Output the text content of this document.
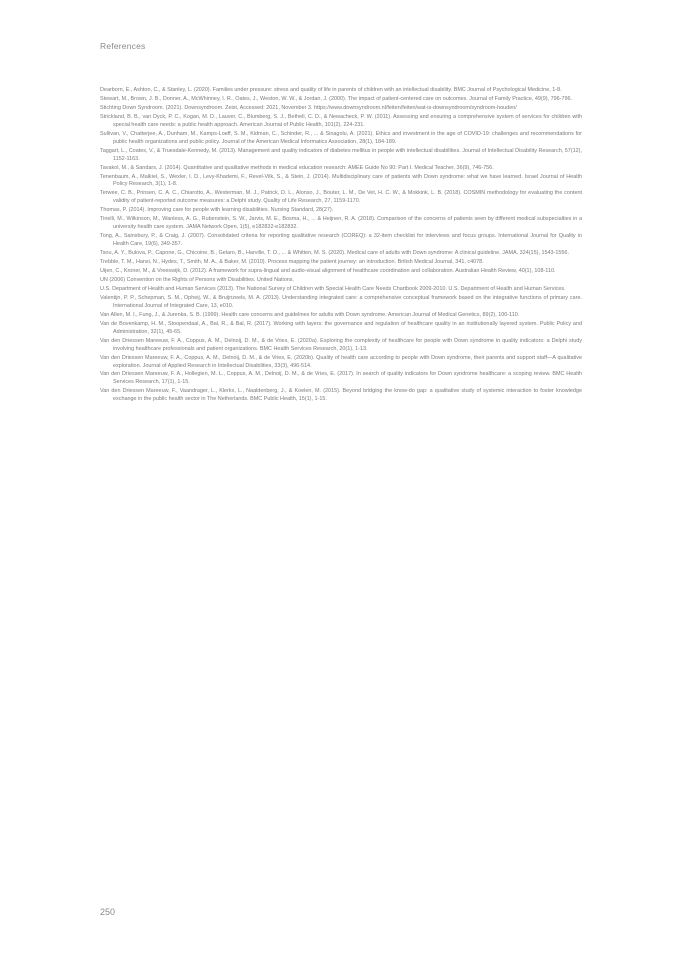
References
Dearborn, E., Ashton, C., & Stanley, L. (2020). Families under pressure: stress and quality of life in parents of children with an intellectual disability. BMC Journal of Psychological Medicine, 1-8.
Stewart, M., Brown, J. B., Donner, A., McWhinney, I. R., Oates, J., Weston, W. W., & Jordan, J. (2000). The impact of patient-centered care on outcomes. Journal of Family Practice, 49(9), 796-796.
Stichting Down Syndroom. (2021). Downsyndroom. Zeist, Accessed: 2021, November 3. https://www.downsyndroom.nl/feiten/feiten/wat-is-downsyndroom/syndroom-houden/
Strickland, B. B., van Dyck, P. C., Kogan, M. D., Lauver, C., Blumberg, S. J., Bethell, C. D., & Newacheck, P. W. (2011). Assessing and ensuring a comprehensive system of services for children with special health care needs: a public health approach. American Journal of Public Health, 101(2), 224-231.
Sullivan, V., Chatterjee, A., Dunham, M., Kamps-Loeff, S. M., Kidman, C., Schinder, R., ... & Sinagolu, A. (2021). Ethics and investment in the age of COVID-19: challenges and recommendations for public health organizations and public policy. Journal of the American Medical Informatics Association, 28(1), 184-189.
Taggart, L., Coates, V., & Truesdale-Kennedy, M. (2013). Management and quality indicators of diabetes mellitus in people with intellectual disabilities. Journal of Intellectual Disability Research, 57(12), 1152-1163.
Tavakol, M., & Sandars, J. (2014). Quantitative and qualitative methods in medical education research: AMEE Guide No 90: Part I. Medical Teacher, 36(9), 746-756.
Tenenbaum, A., Malkiel, S., Wexler, I. D., Levy-Khademi, F., Revel-Vilk, S., & Stein, J. (2014). Multidisciplinary care of patients with Down syndrome: what we have learned. Israel Journal of Health Policy Research, 3(1), 1-8.
Terwee, C. B., Prinsen, C. A. C., Chiarotto, A., Westerman, M. J., Patrick, D. L., Alonso, J., Bouter, L. M., De Vet, H. C. W., & Mokkink, L. B. (2018). COSMIN methodology for evaluating the content validity of patient-reported outcome measures: a Delphi study. Quality of Life Research, 27, 1159-1170.
Thomas, P. (2014). Improving care for people with learning disabilities. Nursing Standard, 28(27).
Tinelli, M., Wilkinson, M., Wanless, A. G., Rubenstein, S. W., Jarvis, M. E., Bosma, H., ... & Heijnen, R. A. (2018). Comparison of the concerns of patients seen by different medical subspecialties in a university health care system. JAMA Network Open, 1(5), e182832-e182832.
Tong, A., Sainsbury, P., & Craig, J. (2007). Consolidated criteria for reporting qualitative research (COREQ): a 32-item checklist for interviews and focus groups. International Journal for Quality in Health Care, 19(6), 349-357.
Tsou, A. Y., Bulova, P., Capone, G., Chicoine, B., Gelaro, B., Harville, T. O., ... & Whitten, M. S. (2020). Medical care of adults with Down syndrome: A clinical guideline. JAMA, 324(15), 1543-1556.
Trebble, T. M., Hansi, N., Hydes, T., Smith, M. A., & Baker, M. (2010). Process mapping the patient journey: an introduction. British Medical Journal, 341, c4078.
Uijen, C., Kroner, M., & Vreeswijk, D. (2012). A framework for supra-lingual and audio-visual alignment of healthcare coordination and collaboration. Australian Health Review, 40(1), 108-110.
UN (2006) Convention on the Rights of Persons with Disabilities. United Nations.
U.S. Department of Health and Human Services (2013). The National Survey of Children with Special Health Care Needs Chartbook 2009-2010. U.S. Department of Health and Human Services.
Valentijn, P. P., Schepman, S. M., Opheij, W., & Bruijnzeels, M. A. (2013). Understanding integrated care: a comprehensive conceptual framework based on the integrative functions of primary care. International Journal of Integrated Care, 13, e010.
Van Allen, M. I., Fung, J., & Jurenka, S. B. (1999). Health care concerns and guidelines for adults with Down syndrome. American Journal of Medical Genetics, 89(2), 100-110.
Van de Bovenkamp, H. M., Stoopendaal, A., Bal, R., & Bal, R. (2017). Working with layers: the governance and regulation of healthcare quality in an institutionally layered system. Public Policy and Administration, 32(1), 45-65.
Van den Driessen Mareeuw, F. A., Coppus, A. M., Delnoij, D. M., & de Vries, E. (2020a). Exploring the complexity of healthcare for people with Down syndrome in quality indicators: a Delphi study involving healthcare professionals and patient organizations. BMC Health Services Research, 20(1), 1-13.
Van den Driessen Mareeuw, F. A., Coppus, A. M., Delnoij, D. M., & de Vries, E. (2020b). Quality of health care according to people with Down syndrome, their parents and support staff—A qualitative exploration. Journal of Applied Research in Intellectual Disabilities, 33(3), 496-514.
Van den Driessen Mareeuw, F. A., Hollegien, M. L., Coppus, A. M., Delnoij, D. M., & de Vries, E. (2017). In search of quality indicators for Down syndrome healthcare: a scoping review. BMC Health Services Research, 17(1), 1-15.
Van den Driessen Mareeuw, F., Vaandrager, L., Klerkx, L., Naaldenberg, J., & Koelen, M. (2015). Beyond bridging the know-do gap: a qualitative study of systemic interaction to foster knowledge exchange in the public health sector in The Netherlands. BMC Public Health, 15(1), 1-15.
250
